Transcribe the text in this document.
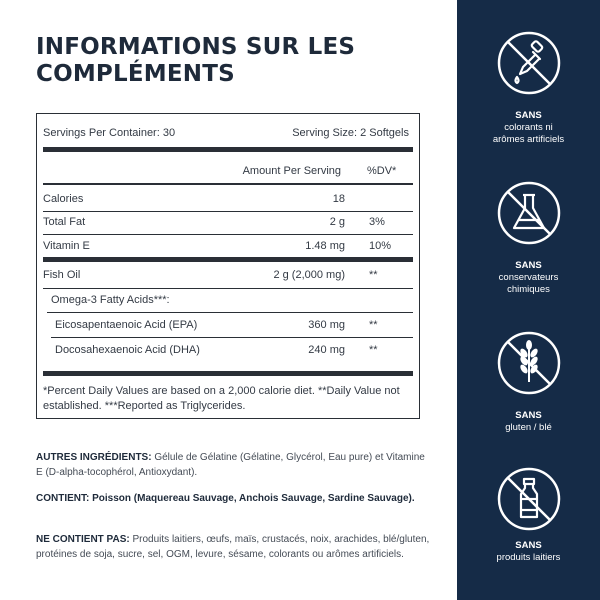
INFORMATIONS SUR LES
COMPLÉMENTS
Servings Per Container: 30	Serving Size: 2 Softgels
Amount Per Serving %DV*
Calories	18
Total Fat	2 g 3%
Vitamin E	1.48 mg 10%
Fish Oil	2 g (2,000 mg) **
Omega-3 Fatty Acids***:
Eicosapentaenoic Acid (EPA)	360 mg **
Docosahexaenoic Acid (DHA)	240 mg **
*Percent Daily Values are based on a 2,000 calorie diet. **Daily Value not established. ***Reported as Triglycerides.

AUTRES INGRÉDIENTS: Gélule de Gélatine (Gélatine, Glycérol, Eau pure) et Vitamine E (D-alpha-tocophérol, Antioxydant).

CONTIENT: Poisson (Maquereau Sauvage, Anchois Sauvage, Sardine Sauvage).

NE CONTIENT PAS: Produits laitiers, œufs, maïs, crustacés, noix, arachides, blé/gluten, protéines de soja, sucre, sel, OGM, levure, sésame, colorants ou arômes artificiels.

SANS
colorants ni
arômes artificiels
SANS
conservateurs
chimiques
SANS
gluten / blé
SANS
produits laitiers
